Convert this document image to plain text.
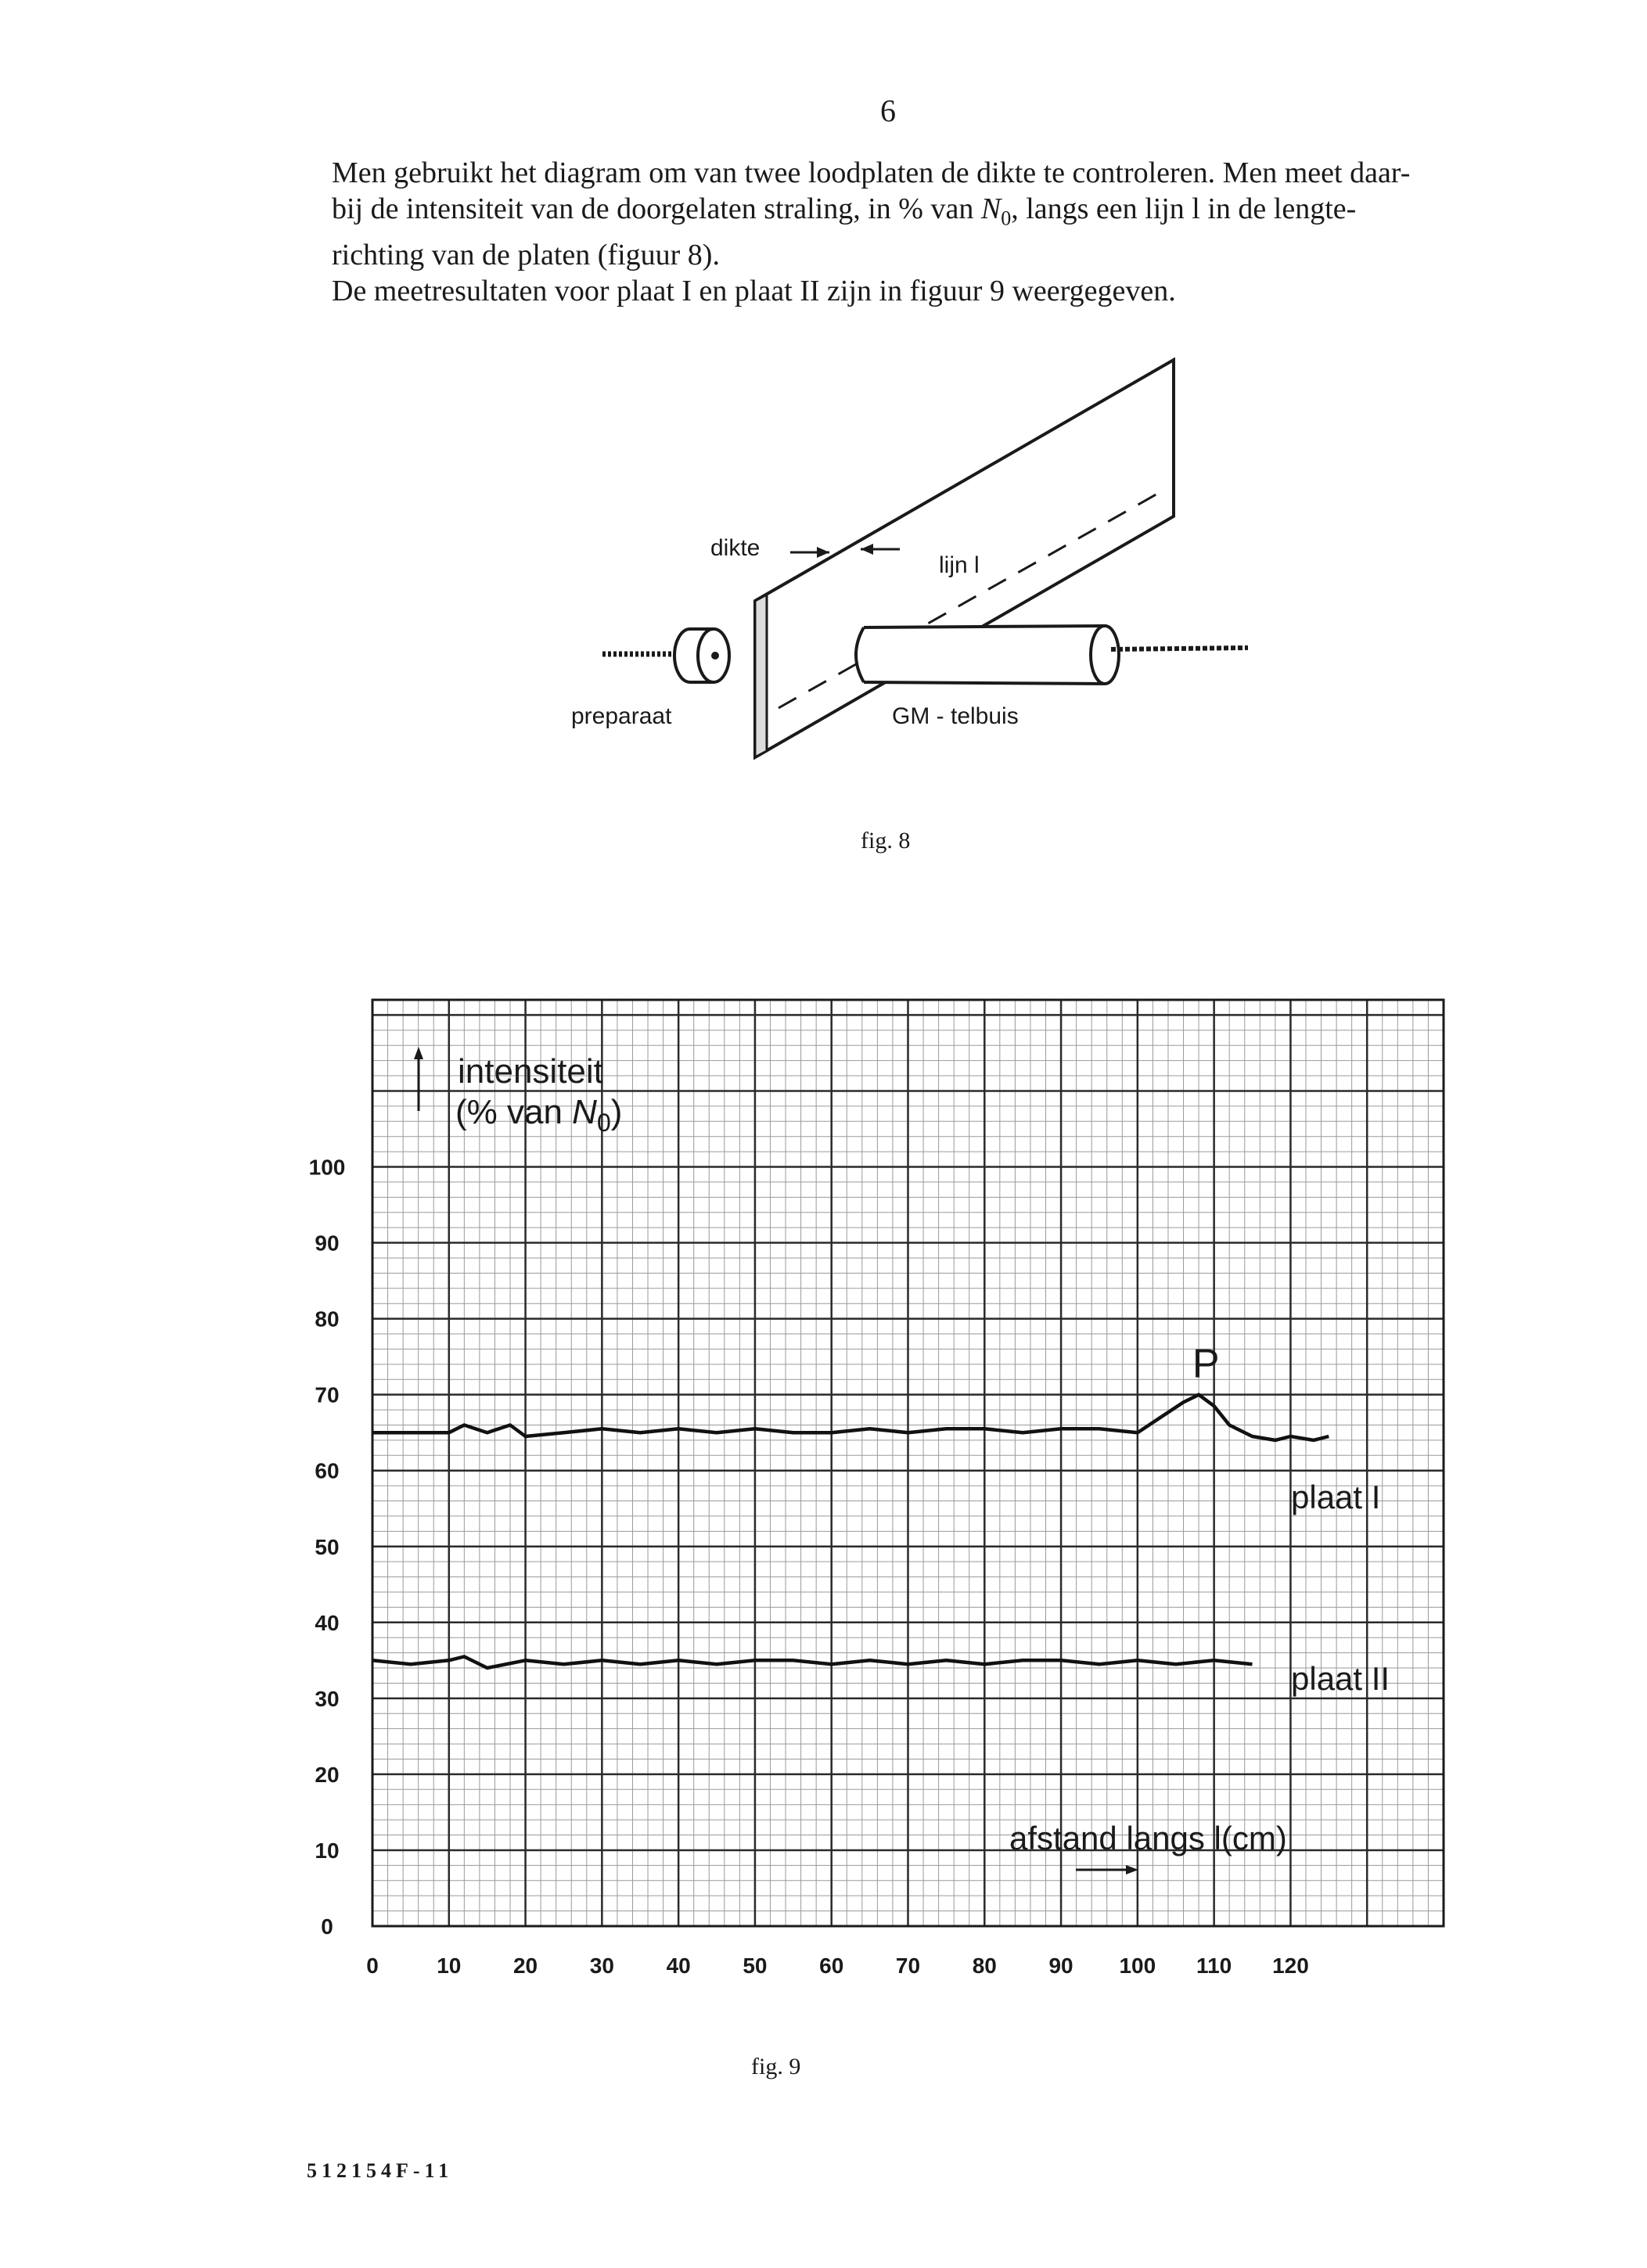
6

Men gebruikt het diagram om van twee loodplaten de dikte te controleren. Men meet daar-

bij de intensiteit van de doorgelaten straling, in % van $N_0$, langs een lijn l in de lengte-

richting van de platen (figuur 8).

De meetresultaten voor plaat I en plaat II zijn in figuur 9 weergegeven.

dikte
lijn l
preparaat	GM - telbuis
fig. 8
0	10 20 30 40 50 60 70 80 90 100 110 120
0
10
20
30
40
50
60
70
80
90
100
intensiteit
(% van $N_0$)
P
plaat I
plaat II
afstand langs l(cm)
fig. 9
512154F-11
